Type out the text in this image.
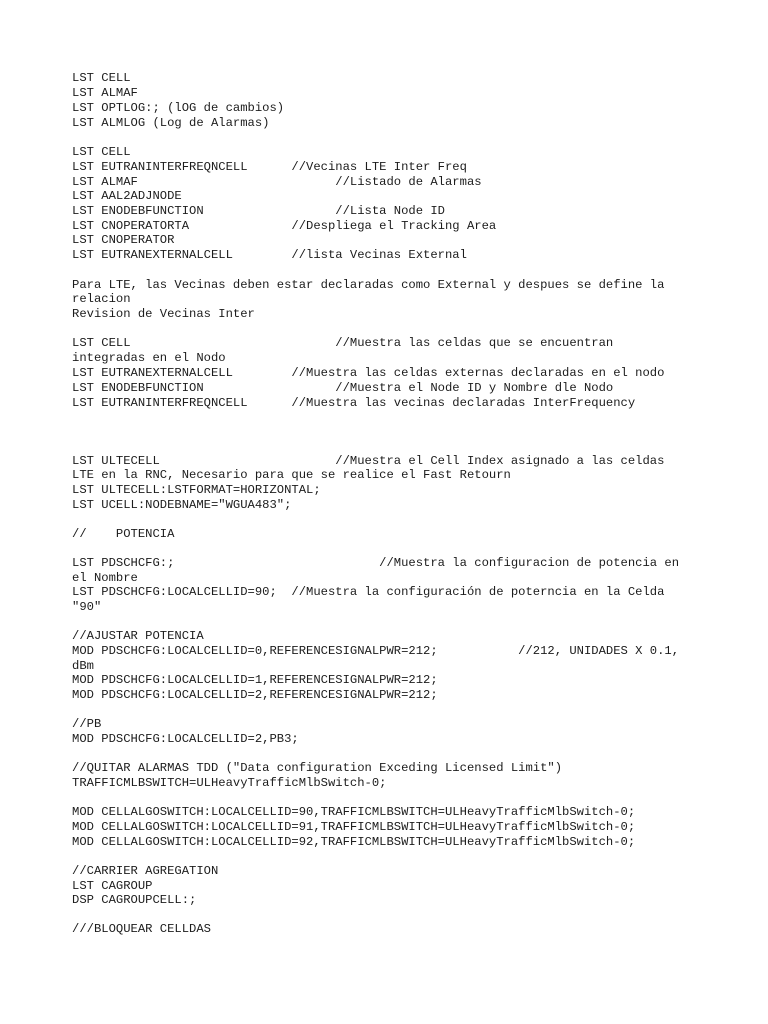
LST CELL
LST ALMAF
LST OPTLOG:; (lOG de cambios)
LST ALMLOG (Log de Alarmas)
LST CELL
LST EUTRANINTERFREQNCELL      //Vecinas LTE Inter Freq
LST ALMAF                           //Listado de Alarmas
LST AAL2ADJNODE
LST ENODEBFUNCTION                  //Lista Node ID
LST CNOPERATORTA              //Despliega el Tracking Area
LST CNOPERATOR
LST EUTRANEXTERNALCELL        //lista Vecinas External
Para LTE, las Vecinas deben estar declaradas como External y despues se define la
relacion
Revision de Vecinas Inter
LST CELL                            //Muestra las celdas que se encuentran
integradas en el Nodo
LST EUTRANEXTERNALCELL        //Muestra las celdas externas declaradas en el nodo
LST ENODEBFUNCTION                  //Muestra el Node ID y Nombre dle Nodo
LST EUTRANINTERFREQNCELL      //Muestra las vecinas declaradas InterFrequency
LST ULTECELL                        //Muestra el Cell Index asignado a las celdas
LTE en la RNC, Necesario para que se realice el Fast Retourn
LST ULTECELL:LSTFORMAT=HORIZONTAL;
LST UCELL:NODEBNAME="WGUA483";
//    POTENCIA
LST PDSCHCFG:;                            //Muestra la configuracion de potencia en
el Nombre
LST PDSCHCFG:LOCALCELLID=90;  //Muestra la configuración de poterncia en la Celda
"90"
//AJUSTAR POTENCIA
MOD PDSCHCFG:LOCALCELLID=0,REFERENCESIGNALPWR=212;           //212, UNIDADES X 0.1,
dBm
MOD PDSCHCFG:LOCALCELLID=1,REFERENCESIGNALPWR=212;
MOD PDSCHCFG:LOCALCELLID=2,REFERENCESIGNALPWR=212;
//PB
MOD PDSCHCFG:LOCALCELLID=2,PB3;
//QUITAR ALARMAS TDD ("Data configuration Exceding Licensed Limit")
TRAFFICMLBSWITCH=ULHeavyTrafficMlbSwitch-0;
MOD CELLALGOSWITCH:LOCALCELLID=90,TRAFFICMLBSWITCH=ULHeavyTrafficMlbSwitch-0;
MOD CELLALGOSWITCH:LOCALCELLID=91,TRAFFICMLBSWITCH=ULHeavyTrafficMlbSwitch-0;
MOD CELLALGOSWITCH:LOCALCELLID=92,TRAFFICMLBSWITCH=ULHeavyTrafficMlbSwitch-0;
//CARRIER AGREGATION
LST CAGROUP
DSP CAGROUPCELL:;
///BLOQUEAR CELLDAS
